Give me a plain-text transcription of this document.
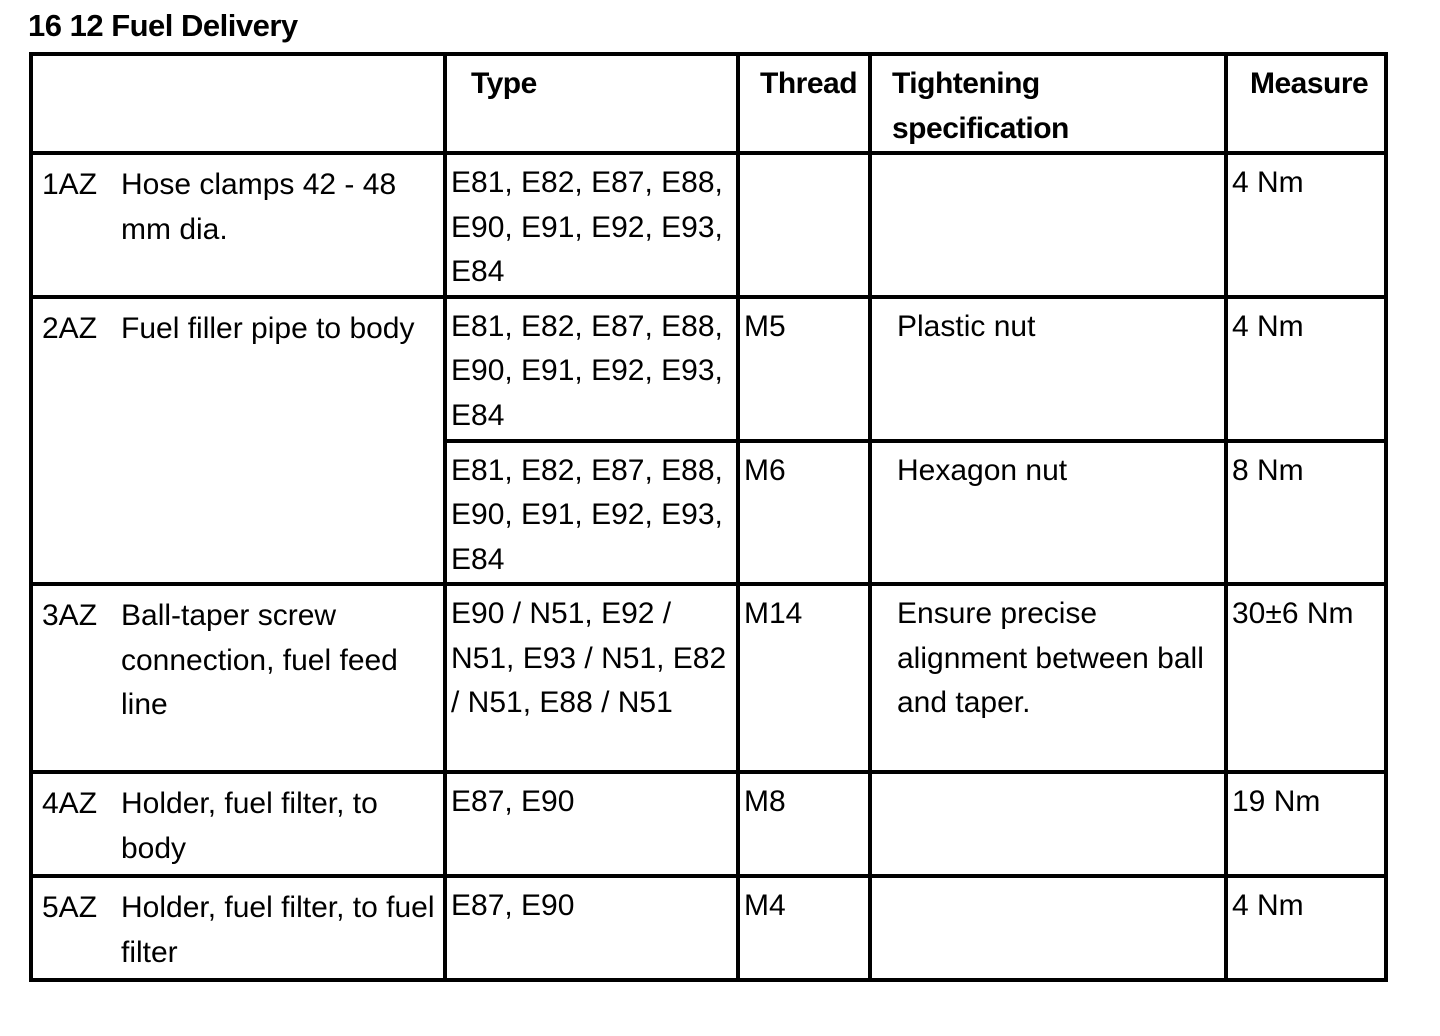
16 12 Fuel Delivery
		Type	Thread	Tightening specification	Measure
1AZ	Hose clamps 42 - 48 mm dia.	E81, E82, E87, E88, E90, E91, E92, E93, E84			4 Nm
2AZ	Fuel filler pipe to body	E81, E82, E87, E88, E90, E91, E92, E93, E84	M5	Plastic nut	4 Nm
		E81, E82, E87, E88, E90, E91, E92, E93, E84	M6	Hexagon nut	8 Nm
3AZ	Ball-taper screw connection, fuel feed line	E90 / N51, E92 / N51, E93 / N51, E82 / N51, E88 / N51	M14	Ensure precise alignment between ball and taper.	30±6 Nm
4AZ	Holder, fuel filter, to body	E87, E90	M8		19 Nm
5AZ	Holder, fuel filter, to fuel filter	E87, E90	M4		4 Nm
